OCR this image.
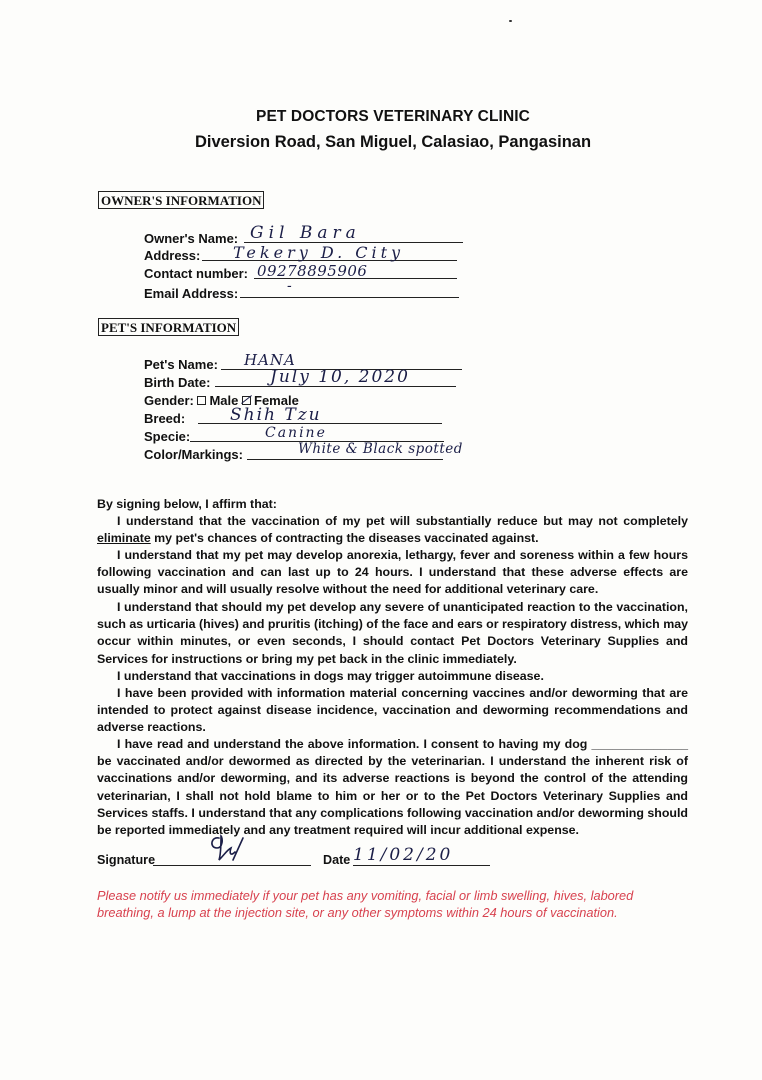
PET DOCTORS VETERINARY CLINIC
Diversion Road, San Miguel, Calasiao, Pangasinan
OWNER'S INFORMATION
Owner's Name: Gil Bara
Address: Tekery D. City
Contact number: 09278895906
Email Address:	-
PET'S INFORMATION
Pet's Name: HANA
Birth Date:	July 10, 2020
Gender: Male Female
Breed:	Shih Tzu
Specie:	Canine
Color/Markings:	White & Black spotted
By signing below, I affirm that:

I understand that the vaccination of my pet will substantially reduce but may not completely eliminate my pet's chances of contracting the diseases vaccinated against.

I understand that my pet may develop anorexia, lethargy, fever and soreness within a few hours following vaccination and can last up to 24 hours. I understand that these adverse effects are usually minor and will usually resolve without the need for additional veterinary care.

I understand that should my pet develop any severe of unanticipated reaction to the vaccination, such as urticaria (hives) and pruritis (itching) of the face and ears or respiratory distress, which may occur within minutes, or even seconds, I should contact Pet Doctors Veterinary Supplies and Services for instructions or bring my pet back in the clinic immediately.

I understand that vaccinations in dogs may trigger autoimmune disease.

I have been provided with information material concerning vaccines and/or deworming that are intended to protect against disease incidence, vaccination and deworming recommendations and adverse reactions.

I have read and understand the above information. I consent to having my dog ______________ be vaccinated and/or dewormed as directed by the veterinarian. I understand the inherent risk of vaccinations and/or deworming, and its adverse reactions is beyond the control of the attending veterinarian, I shall not hold blame to him or her or to the Pet Doctors Veterinary Supplies and Services staffs. I understand that any complications following vaccination and/or deworming should be reported immediately and any treatment required will incur additional expense.

Signature	Date 11/02/20
Please notify us immediately if your pet has any vomiting, facial or limb swelling, hives, labored breathing, a lump at the injection site, or any other symptoms within 24 hours of vaccination.
